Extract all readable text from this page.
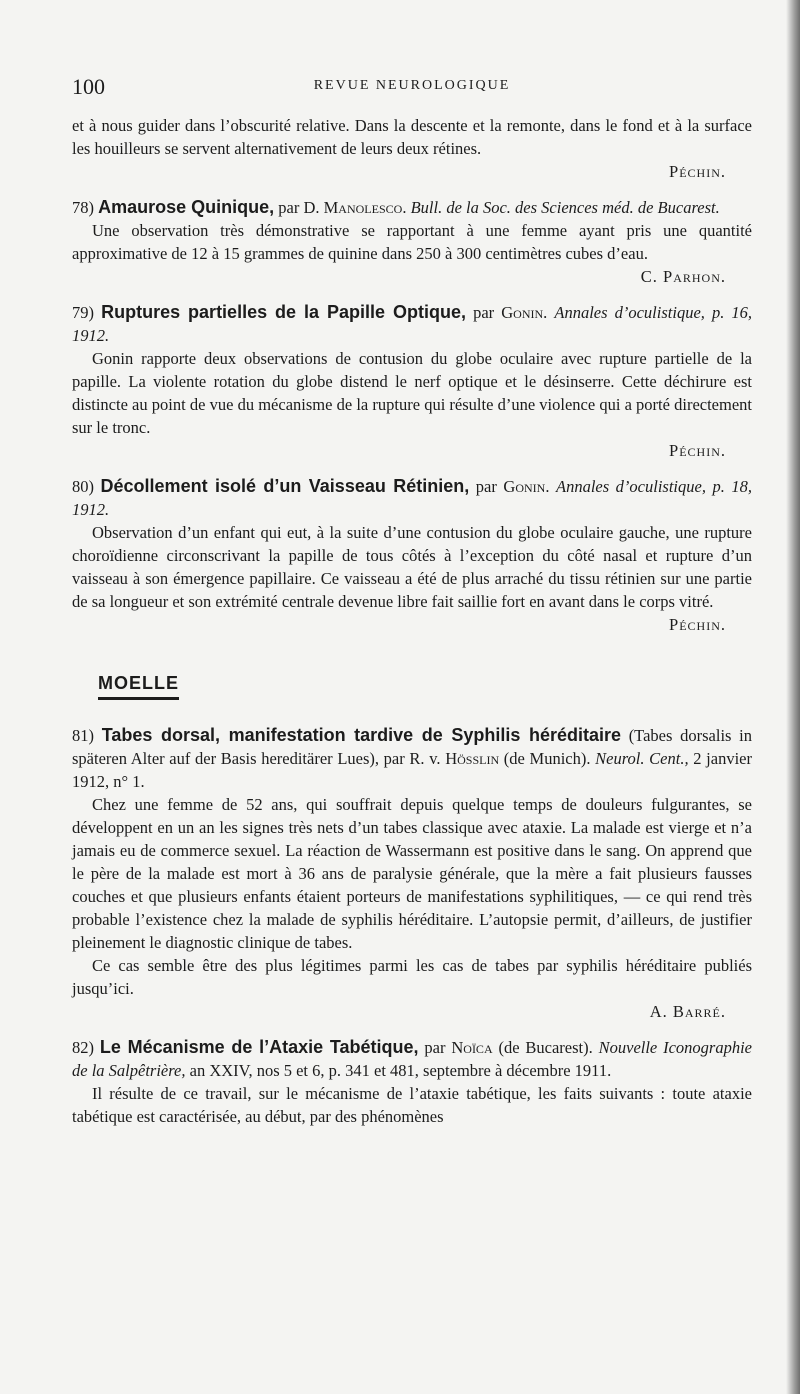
100	REVUE NEUROLOGIQUE

et à nous guider dans l’obscurité relative. Dans la descente et la remonte, dans le fond et à la surface les houilleurs se servent alternativement de leurs deux rétines.

Péchin.

78) Amaurose Quinique, par D. Manolesco. Bull. de la Soc. des Sciences méd. de Bucarest.

Une observation très démonstrative se rapportant à une femme ayant pris une quantité approximative de 12 à 15 grammes de quinine dans 250 à 300 centimètres cubes d’eau.

C. Parhon.

79) Ruptures partielles de la Papille Optique, par Gonin. Annales d’oculistique, p. 16, 1912.

Gonin rapporte deux observations de contusion du globe oculaire avec rupture partielle de la papille. La violente rotation du globe distend le nerf optique et le désinserre. Cette déchirure est distincte au point de vue du mécanisme de la rupture qui résulte d’une violence qui a porté directement sur le tronc.

Péchin.

80) Décollement isolé d’un Vaisseau Rétinien, par Gonin. Annales d’oculistique, p. 18, 1912.

Observation d’un enfant qui eut, à la suite d’une contusion du globe oculaire gauche, une rupture choroïdienne circonscrivant la papille de tous côtés à l’exception du côté nasal et rupture d’un vaisseau à son émergence papillaire. Ce vaisseau a été de plus arraché du tissu rétinien sur une partie de sa longueur et son extrémité centrale devenue libre fait saillie fort en avant dans le corps vitré.

Péchin.

MOELLE

81) Tabes dorsal, manifestation tardive de Syphilis héréditaire (Tabes dorsalis in späteren Alter auf der Basis hereditärer Lues), par R. v. Hösslin (de Munich). Neurol. Cent., 2 janvier 1912, n° 1.

Chez une femme de 52 ans, qui souffrait depuis quelque temps de douleurs fulgurantes, se développent en un an les signes très nets d’un tabes classique avec ataxie. La malade est vierge et n’a jamais eu de commerce sexuel. La réaction de Wassermann est positive dans le sang. On apprend que le père de la malade est mort à 36 ans de paralysie générale, que la mère a fait plusieurs fausses couches et que plusieurs enfants étaient porteurs de manifestations syphilitiques, — ce qui rend très probable l’existence chez la malade de syphilis héréditaire. L’autopsie permit, d’ailleurs, de justifier pleinement le diagnostic clinique de tabes.

Ce cas semble être des plus légitimes parmi les cas de tabes par syphilis héréditaire publiés jusqu’ici.

A. Barré.

82) Le Mécanisme de l’Ataxie Tabétique, par Noïca (de Bucarest). Nouvelle Iconographie de la Salpêtrière, an XXIV, nos 5 et 6, p. 341 et 481, septembre à décembre 1911.

Il résulte de ce travail, sur le mécanisme de l’ataxie tabétique, les faits suivants : toute ataxie tabétique est caractérisée, au début, par des phénomènes
